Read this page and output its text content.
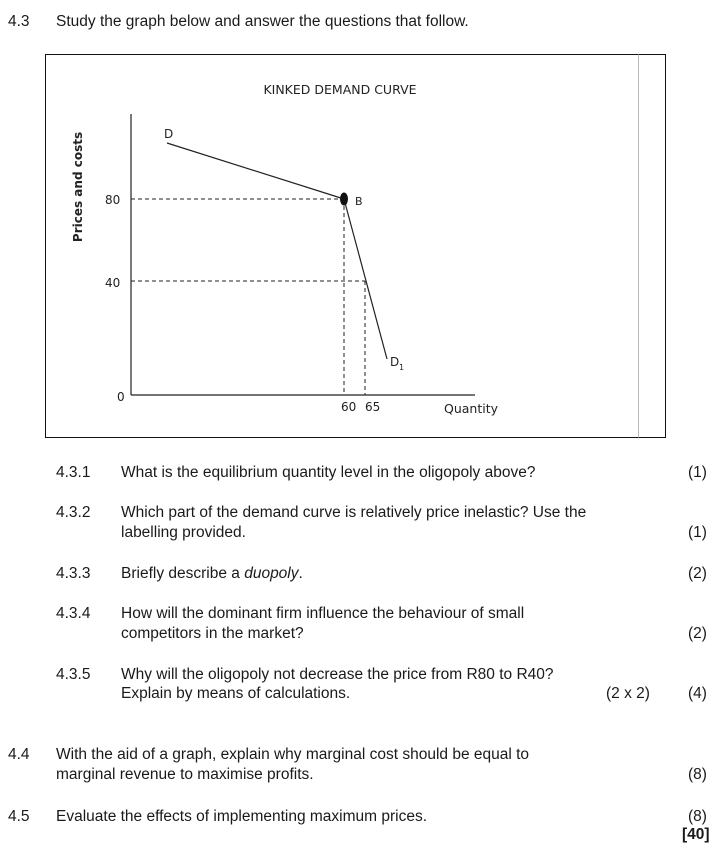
4.3 Study the graph below and answer the questions that follow.
KINKED DEMAND CURVE
Prices and costs 80
40
0
D
B
D 1
60 65	Quantity
4.3.1 What is the equilibrium quantity level in the oligopoly above?	(1)
4.3.2 Which part of the demand curve is relatively price inelastic? Use the
labelling provided.	(1)
4.3.3 Briefly describe a duopoly.	(2)
4.3.4 How will the dominant firm influence the behaviour of small
competitors in the market?	(2)
4.3.5 Why will the oligopoly not decrease the price from R80 to R40?
Explain by means of calculations.	(2 x 2) (4)
4.4 With the aid of a graph, explain why marginal cost should be equal to
marginal revenue to maximise profits.	(8)
4.5 Evaluate the effects of implementing maximum prices.	(8)
[40]
